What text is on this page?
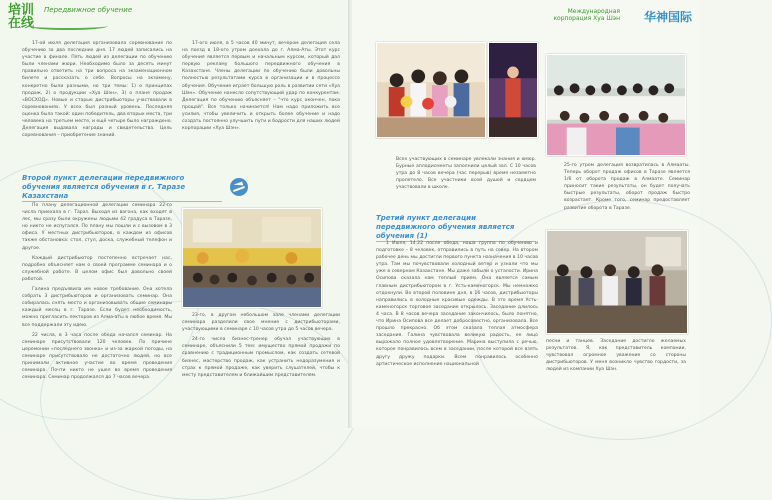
培训在线
Передвижное обучение

17-ой июля делегация организовала соревнование по обучению за два последних дня. 17 людей записались на участие в финале. Пять людей из делегации по обучению были членами жюри. Необходимо было за десять минут правильно ответить на три вопроса на экзаменационном билете и рассказать о себе. Вопросы на экзамену, конкретно были разными, но три темы: 1) о принципах продаж, 2) о продукции «Хуа Шэн», 3) о плане продаж «ВОСХОД». Новые и старые дистрибьюторы участвовали в соревнованиях. У всех был разный уровень. Последняя оценка была такой: один победитель, два вторых места, три человека на третьем месте, и ещё четыре было награждено. Делегация выдавала награды и свидетельства. Цель соревнования – приобретение знаний.

17-ого июля, в 5 часов 40 минут, вечером делегация села на поезд в 18-ого утром доехала до г. Алма-Аты. Этот курс обучения является первым и начальным курсом, который дал первую рекламу большого передвижного обучения в Казахстане. Члены делегации по обучению были довольны полностью результатами курса в организации и в процессе обучения. Обучение играет большую роль в развитии сети «Хуа Шэн». Обучение нанесло сопутствующий удар по конкурентам. Делегация по обучению объясняет – "что курс окончен, пока прощай". Все только начинается! Нам надо приложить все усилия, чтобы увеличить и открыть более обучение и надо создать постоянно улучшить пути и бодрости для наших людей корпорации «Хуа Шэн».

Второй пункт делегации передвижного обучения является обучения в г. Таразе Казахстана

По плану делегационной делегации семинара 22-го числа приехала в г. Тараз. Выходя из вагона, как входят в лес, мы сразу были окружены людьми 42 градуса в Таразе, но никто не испугался. По плану мы пошли и с вызовом в 3 офиса. У местных дистрибьюторов, в каждом из офисов также обстановка: стол, стул, доска, служебный телефон и другое.

Каждый дистрибьютор постепенно встречает нас, подробно объясняет нам о своей программе семинара и о служебной работе. В целом офис был довольно своей работой.

Галина предъявила им новое требование. Она хотела собрать 3 дистрибьюторов и организовать семинар. Она собиралась снять место и организовывать общие семинары каждый месяц в г. Таразе. Если будет необходимость, можно пригласить лекторов из Алма-аты в любое время. Мы все поддержали эту идею.

22 числа, в 3 часа после обеда начался семинар. На семинаре присутствовали 120 человек. По причине церемонии «последнего звонка» и из-за жаркой погоды, на семинаре присутствовало не достаточно людей, но все принимали активное участие во время проведения семинара. Почти никто не ушел во время проведения семинара. Семинар продолжался до 7 часов вечера.

23-го, в другом небольшом зале членами делегации семинара разделили свое мнение с дистрибьюторами, участвующими в семинаре с 10 часов утра до 5 часов вечера.

24-го числа бизнес-тренер обучал участвующих в семинаре, объяснили 5 тем: имущество прямой продажи по сравнению с традиционным промыслом, как создать сетевой бизнес, мастерство продаж, как устранить недоразумения и страх к прямой продаже, как уверить слушателей, чтобы к месту представителям и ближайшим представителям.

Международная корпорация Хуа Шэн 华神国际
Всех участвующих в семинаре увлекали знания и юмор. Бурные аплодисменты заполнили целый зал. С 10 часов утра до 8 часов вечера (час перерыв) время незаметно пролетело. Все участники всей душой и сердцем участвовали в школе.
25-го утром делегация возвратилась в Алмааты. Теперь оборот продаж офисов в Таразе является 1/6 от оборота продаж в Алмаате. Семинар приносит такие результаты, он будет получать быстрые результаты, оборот продаж быстро возрастает. Кроме того, семинар предоставляет развитие оборота в Таразе.
Третий пункт делегации передвижного обучения является обучения (1)

1 Июля, 14.22 после обеда, наша группа по обучению и подготовке – 8 человек, отправились в путь на север. На втором рабочее день мы достигли первого пункта назначения в 10 часов утра. Там мы почувствовали холодный ветер и узнали что мы уже в северном Казахстане. Мы даже забыли о усталости. Ирина Осипова сказала нам теплый прием. Она является самым главным дистрибьютором в г. Усть-каменогорск. Мы немножко отдохнули. Во второй половине дня, в 16 часов, дистрибьюторы направились в холодные красивые одежды. В это время Усть-каменогорск торговое заседание открылось. Заседание длилось 4 часа. В 8 часов вечера заседание закончилось, было понятно, что Ирина Осипова все делает добросовестно, организовала. Все прошло прекрасно. Об этом сказала теплая атмосфера заседания. Галина чувствовала великую радость, ее лицо выражало полное удовлетворение. Марина выступила с речью, которое понравилось всем в заседании, после которой все взять другу дружу подарки. Всем понравилось особенно артистическое исполнение национальной

песни и танцев. Заседание достигло желаемых результатов. Я, как представитель компании, чувствовал огромное уважение со стороны дистрибьюторов. У меня возникло чувство гордости, за людей из компании Хуа Шэн.
